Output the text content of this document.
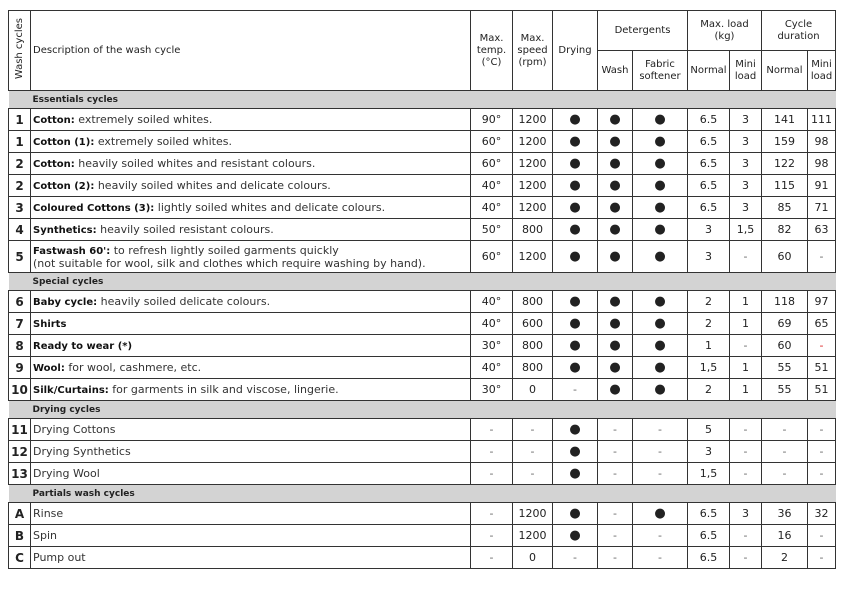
Wash cycles	Description of the wash cycle	Max. temp. (°C)	Max. speed (rpm)	Drying	Detergents		Max. load (kg)		Cycle duration	
					Wash	Fabric softener	Normal	Mini load	Normal	Mini load
	Essentials cycles									
1	Cotton: extremely soiled whites.	90°	1200	●	●	●	6.5	3	141	111
1	Cotton (1): extremely soiled whites.	60°	1200	●	●	●	6.5	3	159	98
2	Cotton: heavily soiled whites and resistant colours.	60°	1200	●	●	●	6.5	3	122	98
2	Cotton (2): heavily soiled whites and delicate colours.	40°	1200	●	●	●	6.5	3	115	91
3	Coloured Cottons (3): lightly soiled whites and delicate colours.	40°	1200	●	●	●	6.5	3	85	71
4	Synthetics: heavily soiled resistant colours.	50°	800	●	●	●	3	1,5	82	63
5	Fastwash 60': to refresh lightly soiled garments quickly
(not suitable for wool, silk and clothes which require washing by hand).	60°	1200	●	●	●	3	-	60	-
	Special cycles									
6	Baby cycle: heavily soiled delicate colours.	40°	800	●	●	●	2	1	118	97
7	Shirts	40°	600	●	●	●	2	1	69	65
8	Ready to wear (*)	30°	800	●	●	●	1	-	60	-
9	Wool: for wool, cashmere, etc.	40°	800	●	●	●	1,5	1	55	51
10	Silk/Curtains: for garments in silk and viscose, lingerie.	30°	0	-	●	●	2	1	55	51
	Drying cycles									
11	Drying Cottons	-	-	●	-	-	5	-	-	-
12	Drying Synthetics	-	-	●	-	-	3	-	-	-
13	Drying Wool	-	-	●	-	-	1,5	-	-	-
	Partials wash cycles									
A	Rinse	-	1200	●	-	●	6.5	3	36	32
B	Spin	-	1200	●	-	-	6.5	-	16	-
C	Pump out	-	0	-	-	-	6.5	-	2	-
